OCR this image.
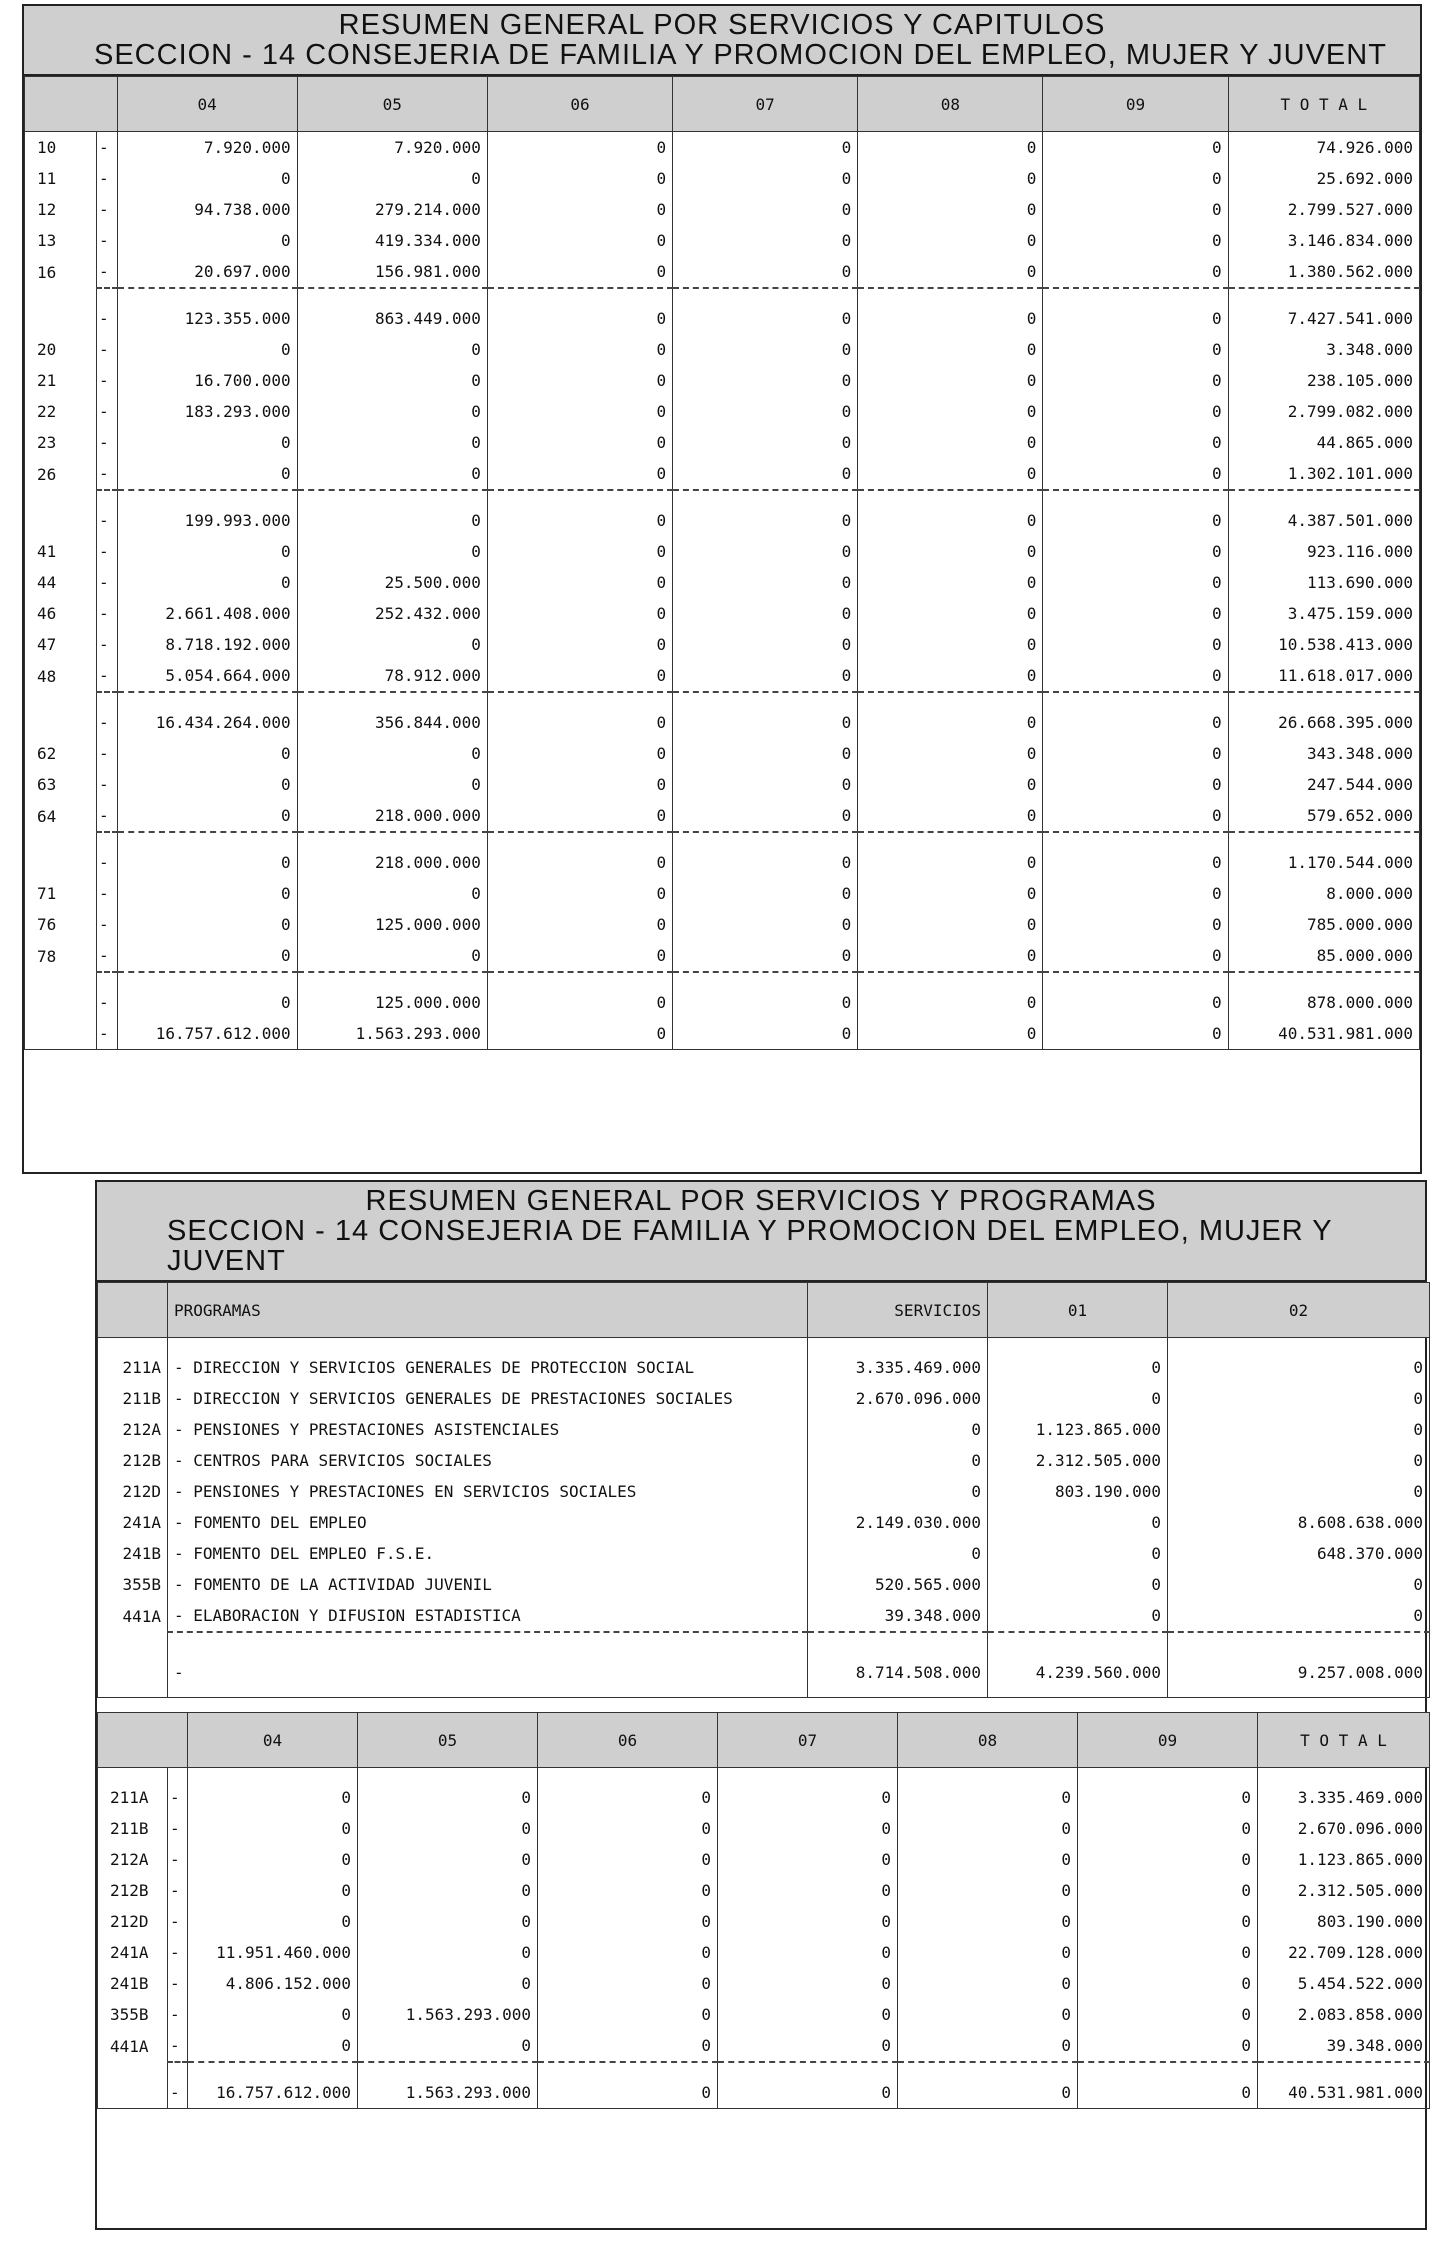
RESUMEN GENERAL POR SERVICIOS Y CAPITULOS
SECCION - 14 CONSEJERIA DE FAMILIA Y PROMOCION DEL EMPLEO, MUJER Y JUVENT
		04	05	06	07	08	09	T O T A L
10	-	7.920.000	7.920.000	0	0	0	0	74.926.000
11	-	0	0	0	0	0	0	25.692.000
12	-	94.738.000	279.214.000	0	0	0	0	2.799.527.000
13	-	0	419.334.000	0	0	0	0	3.146.834.000
16	-	20.697.000	156.981.000	0	0	0	0	1.380.562.000

	-	123.355.000	863.449.000	0	0	0	0	7.427.541.000
20	-	0	0	0	0	0	0	3.348.000
21	-	16.700.000	0	0	0	0	0	238.105.000
22	-	183.293.000	0	0	0	0	0	2.799.082.000
23	-	0	0	0	0	0	0	44.865.000
26	-	0	0	0	0	0	0	1.302.101.000

	-	199.993.000	0	0	0	0	0	4.387.501.000
41	-	0	0	0	0	0	0	923.116.000
44	-	0	25.500.000	0	0	0	0	113.690.000
46	-	2.661.408.000	252.432.000	0	0	0	0	3.475.159.000
47	-	8.718.192.000	0	0	0	0	0	10.538.413.000
48	-	5.054.664.000	78.912.000	0	0	0	0	11.618.017.000

	-	16.434.264.000	356.844.000	0	0	0	0	26.668.395.000
62	-	0	0	0	0	0	0	343.348.000
63	-	0	0	0	0	0	0	247.544.000
64	-	0	218.000.000	0	0	0	0	579.652.000

	-	0	218.000.000	0	0	0	0	1.170.544.000
71	-	0	0	0	0	0	0	8.000.000
76	-	0	125.000.000	0	0	0	0	785.000.000
78	-	0	0	0	0	0	0	85.000.000

	-	0	125.000.000	0	0	0	0	878.000.000
	-	16.757.612.000	1.563.293.000	0	0	0	0	40.531.981.000
RESUMEN GENERAL POR SERVICIOS Y PROGRAMAS
SECCION - 14 CONSEJERIA DE FAMILIA Y PROMOCION DEL EMPLEO, MUJER Y JUVENT
	PROGRAMAS	SERVICIOS	01	02	

211A	- DIRECCION Y SERVICIOS GENERALES DE PROTECCION SOCIAL	3.335.469.000	0	0	
211B	- DIRECCION Y SERVICIOS GENERALES DE PRESTACIONES SOCIALES	2.670.096.000	0	0	
212A	- PENSIONES Y PRESTACIONES ASISTENCIALES	0	1.123.865.000	0	
212B	- CENTROS PARA SERVICIOS SOCIALES	0	2.312.505.000	0	
212D	- PENSIONES Y PRESTACIONES EN SERVICIOS SOCIALES	0	803.190.000	0	
241A	- FOMENTO DEL EMPLEO	2.149.030.000	0	8.608.638.000	
241B	- FOMENTO DEL EMPLEO F.S.E.	0	0	648.370.000	
355B	- FOMENTO DE LA ACTIVIDAD JUVENIL	520.565.000	0	0	
441A	- ELABORACION Y DIFUSION ESTADISTICA	39.348.000	0	0	

	-	8.714.508.000	4.239.560.000	9.257.008.000	
		04	05	06	07	08	09	T O T A L

211A	-	0	0	0	0	0	0	3.335.469.000
211B	-	0	0	0	0	0	0	2.670.096.000
212A	-	0	0	0	0	0	0	1.123.865.000
212B	-	0	0	0	0	0	0	2.312.505.000
212D	-	0	0	0	0	0	0	803.190.000
241A	-	11.951.460.000	0	0	0	0	0	22.709.128.000
241B	-	4.806.152.000	0	0	0	0	0	5.454.522.000
355B	-	0	1.563.293.000	0	0	0	0	2.083.858.000
441A	-	0	0	0	0	0	0	39.348.000

	-	16.757.612.000	1.563.293.000	0	0	0	0	40.531.981.000
